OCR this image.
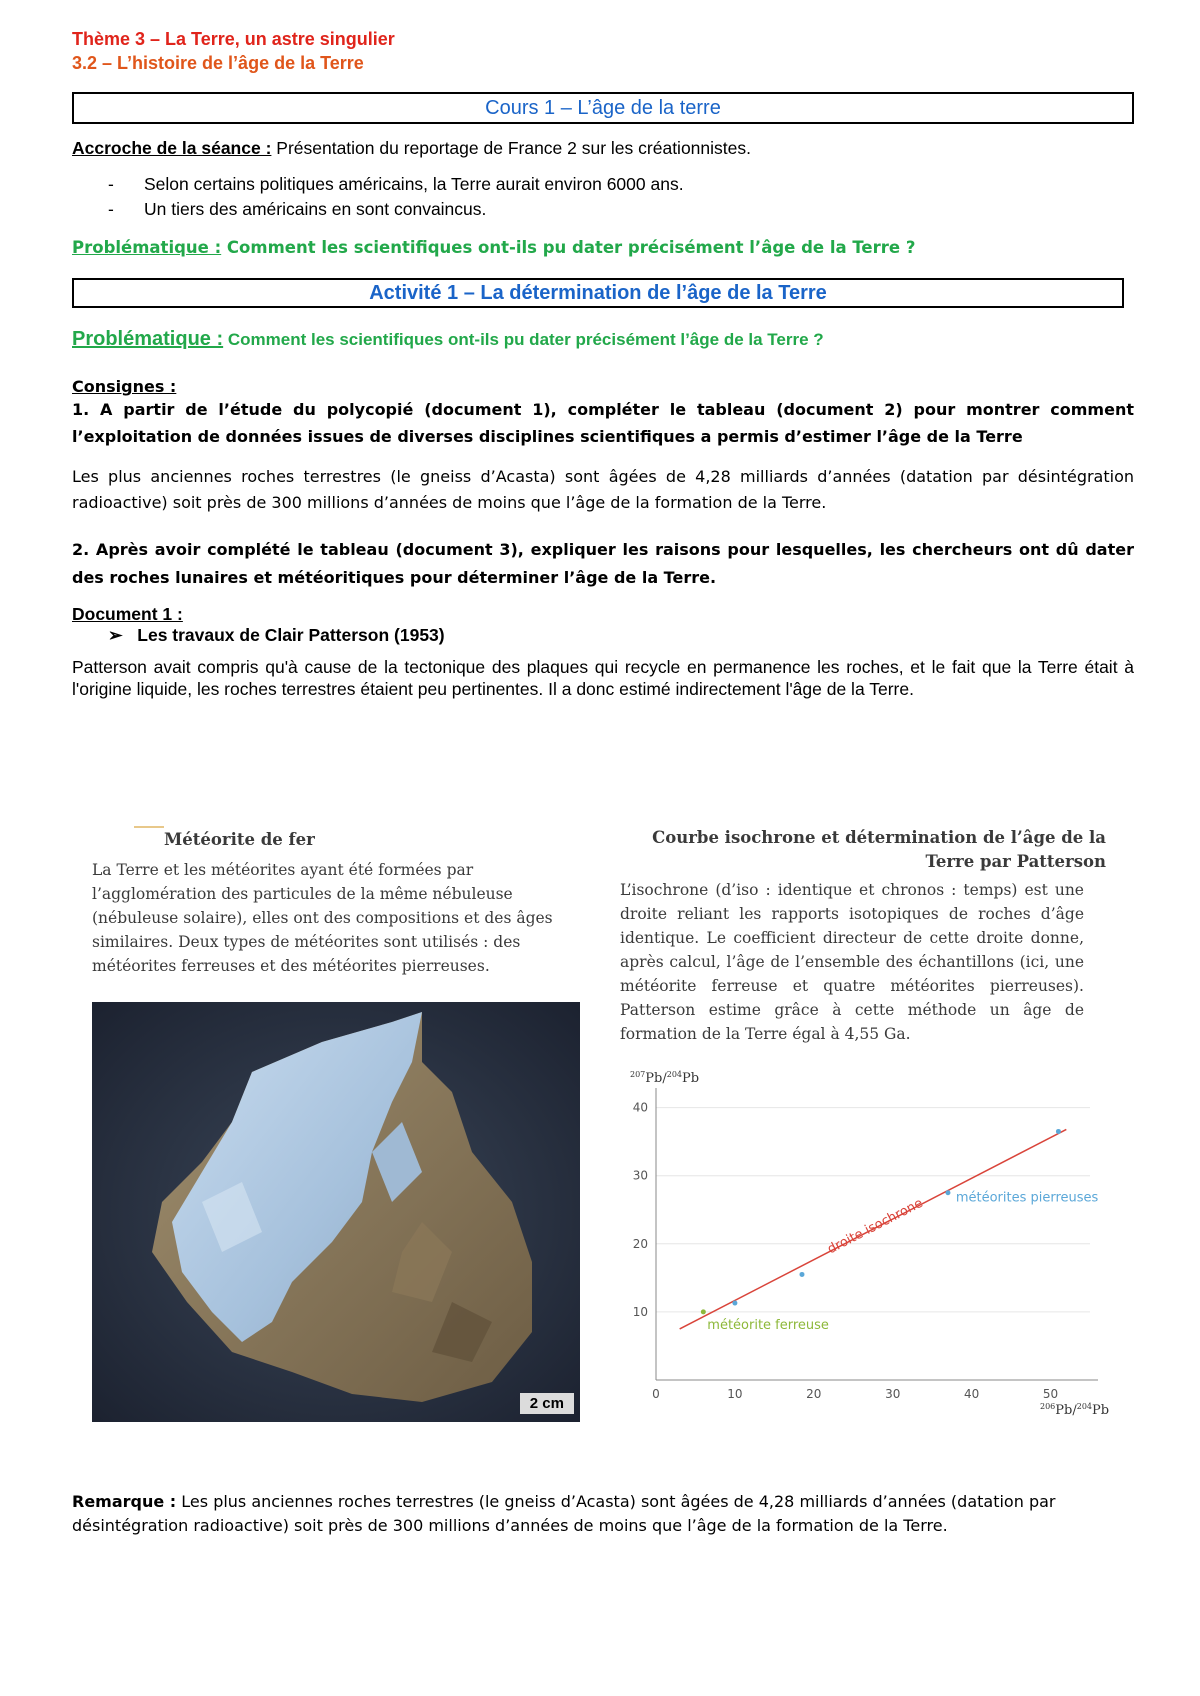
Thème 3 – La Terre, un astre singulier
3.2 – L’histoire de l’âge de la Terre
Cours 1 – L’âge de la terre
Accroche de la séance : Présentation du reportage de France 2 sur les créationnistes.
- Selon certains politiques américains, la Terre aurait environ 6000 ans.
- Un tiers des américains en sont convaincus.
Problématique : Comment les scientifiques ont-ils pu dater précisément l’âge de la Terre ?
Activité 1 – La détermination de l’âge de la Terre
Problématique : Comment les scientifiques ont-ils pu dater précisément l’âge de la Terre ?
Consignes :
1. A partir de l’étude du polycopié (document 1), compléter le tableau (document 2) pour montrer comment l’exploitation de données issues de diverses disciplines scientifiques a permis d’estimer l’âge de la Terre
Les plus anciennes roches terrestres (le gneiss d’Acasta) sont âgées de 4,28 milliards d’années (datation par désintégration radioactive) soit près de 300 millions d’années de moins que l’âge de la formation de la Terre.
2. Après avoir complété le tableau (document 3), expliquer les raisons pour lesquelles, les chercheurs ont dû dater des roches lunaires et météoritiques pour déterminer l’âge de la Terre.
Document 1 :
➢ Les travaux de Clair Patterson (1953)
Patterson avait compris qu'à cause de la tectonique des plaques qui recycle en permanence les roches, et le fait que la Terre était à l'origine liquide, les roches terrestres étaient peu pertinentes. Il a donc estimé indirectement l'âge de la Terre.
Météorite de fer
La Terre et les météorites ayant été formées par l’agglomération des particules de la même nébuleuse (nébuleuse solaire), elles ont des compositions et des âges similaires. Deux types de météorites sont utilisés : des météorites ferreuses et des météorites pierreuses.
2 cm
Courbe isochrone et détermination de l’âge de la Terre par Patterson
L’isochrone (d’iso : identique et chronos : temps) est une droite reliant les rapports isotopiques de roches d’âge identique. Le coefficient directeur de cette droite donne, après calcul, l’âge de l’ensemble des échantillons (ici, une météorite ferreuse et quatre météorites pierreuses). Patterson estime grâce à cette méthode un âge de formation de la Terre égal à 4,55 Ga.
$^{207}$Pb/$^{204}$Pb
$^{206}$Pb/$^{204}$Pb
10
20
30
40
0	10	20	30	40	50
droite isochrone
météorite ferreuse
météorites pierreuses
Remarque : Les plus anciennes roches terrestres (le gneiss d’Acasta) sont âgées de 4,28 milliards d’années (datation par désintégration radioactive) soit près de 300 millions d’années de moins que l’âge de la formation de la Terre.
